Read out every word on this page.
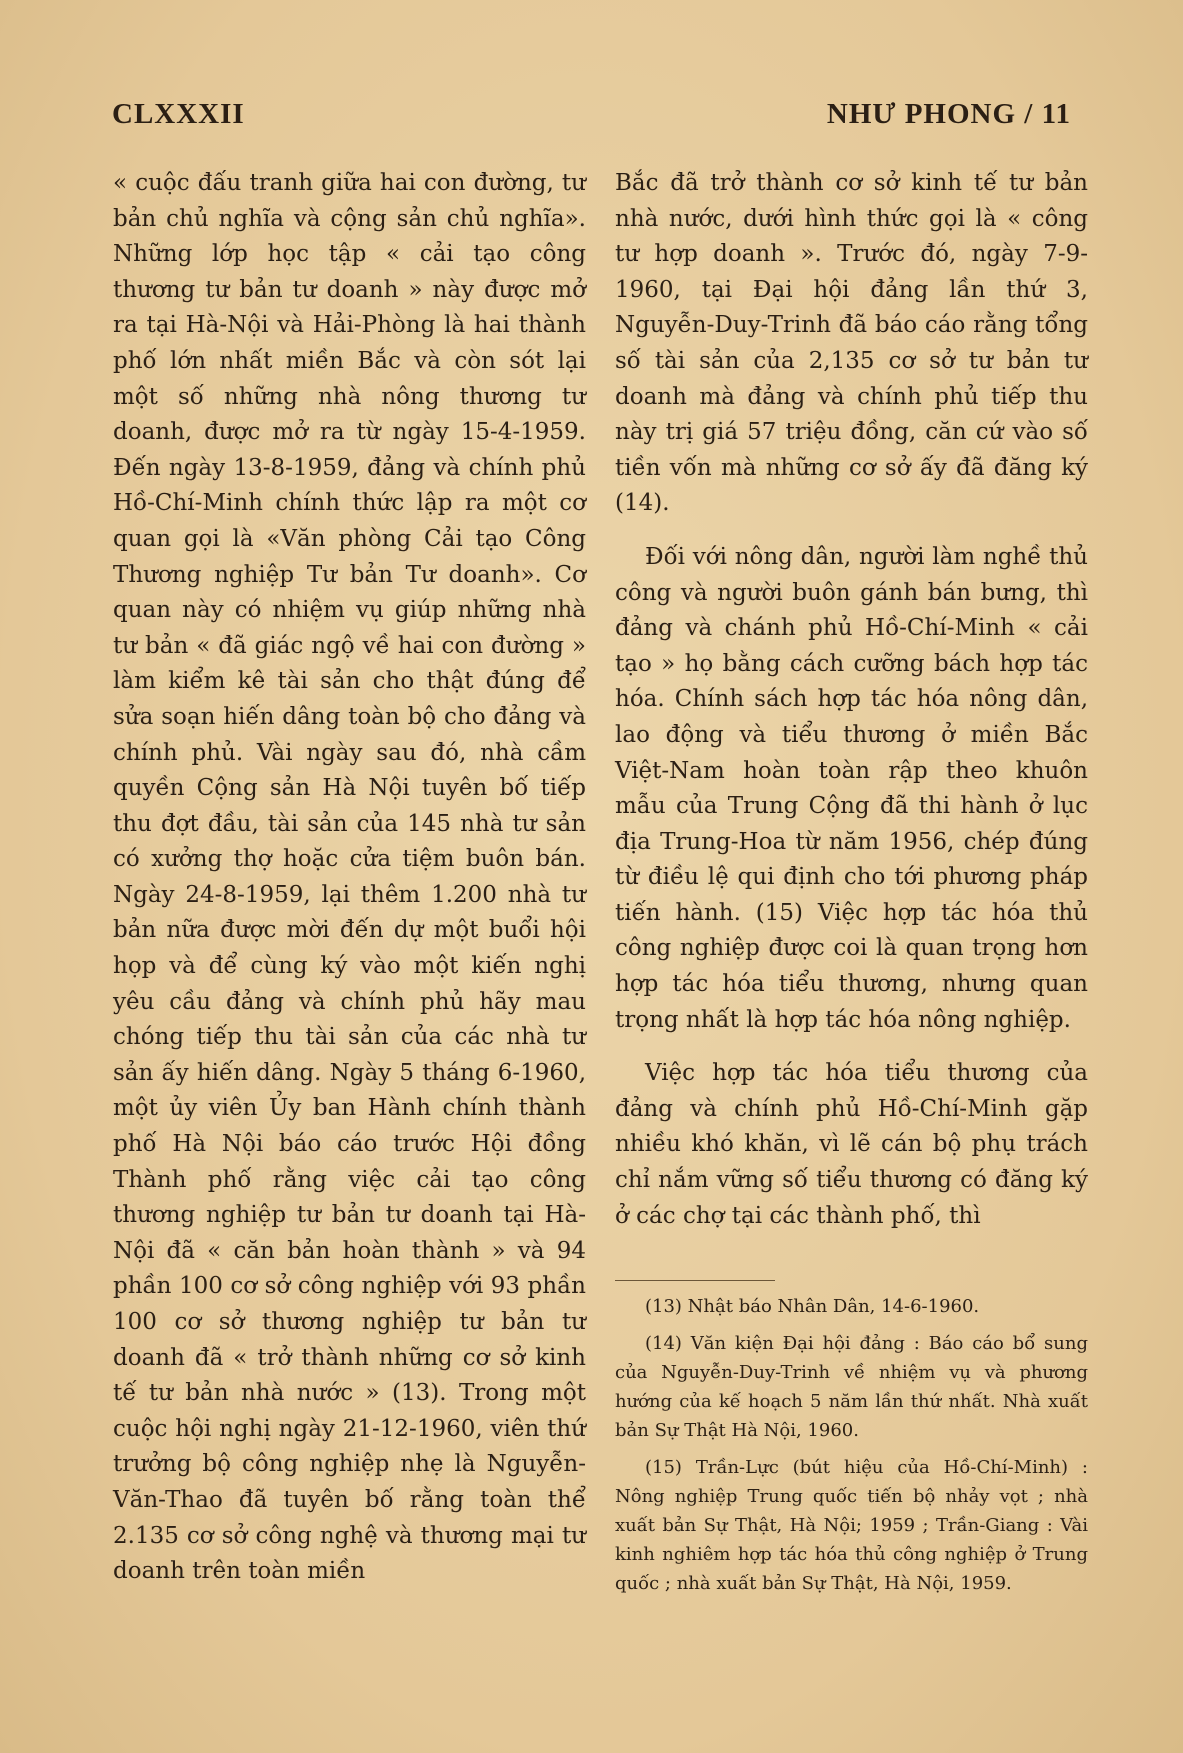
CLXXXII	NHƯ PHONG / 11

« cuộc đấu tranh giữa hai con đường, tư bản chủ nghĩa và cộng sản chủ nghĩa». Những lớp học tập « cải tạo công thương tư bản tư doanh » này được mở ra tại Hà-Nội và Hải-Phòng là hai thành phố lớn nhất miền Bắc và còn sót lại một số những nhà nông thương tư doanh, được mở ra từ ngày 15-4-1959. Đến ngày 13-8-1959, đảng và chính phủ Hồ-Chí-Minh chính thức lập ra một cơ quan gọi là «Văn phòng Cải tạo Công Thương nghiệp Tư bản Tư doanh». Cơ quan này có nhiệm vụ giúp những nhà tư bản « đã giác ngộ về hai con đường » làm kiểm kê tài sản cho thật đúng để sửa soạn hiến dâng toàn bộ cho đảng và chính phủ. Vài ngày sau đó, nhà cầm quyền Cộng sản Hà Nội tuyên bố tiếp thu đợt đầu, tài sản của 145 nhà tư sản có xưởng thợ hoặc cửa tiệm buôn bán. Ngày 24-8-1959, lại thêm 1.200 nhà tư bản nữa được mời đến dự một buổi hội họp và để cùng ký vào một kiến nghị yêu cầu đảng và chính phủ hãy mau chóng tiếp thu tài sản của các nhà tư sản ấy hiến dâng. Ngày 5 tháng 6-1960, một ủy viên Ủy ban Hành chính thành phố Hà Nội báo cáo trước Hội đồng Thành phố rằng việc cải tạo công thương nghiệp tư bản tư doanh tại Hà-Nội đã « căn bản hoàn thành » và 94 phần 100 cơ sở công nghiệp với 93 phần 100 cơ sở thương nghiệp tư bản tư doanh đã « trở thành những cơ sở kinh tế tư bản nhà nước » (13). Trong một cuộc hội nghị ngày 21-12-1960, viên thứ trưởng bộ công nghiệp nhẹ là Nguyễn-Văn-Thao đã tuyên bố rằng toàn thể 2.135 cơ sở công nghệ và thương mại tư doanh trên toàn miền

Bắc đã trở thành cơ sở kinh tế tư bản nhà nước, dưới hình thức gọi là « công tư hợp doanh ». Trước đó, ngày 7-9-1960, tại Đại hội đảng lần thứ 3, Nguyễn-Duy-Trinh đã báo cáo rằng tổng số tài sản của 2,135 cơ sở tư bản tư doanh mà đảng và chính phủ tiếp thu này trị giá 57 triệu đồng, căn cứ vào số tiền vốn mà những cơ sở ấy đã đăng ký (14).

Đối với nông dân, người làm nghề thủ công và người buôn gánh bán bưng, thì đảng và chánh phủ Hồ-Chí-Minh « cải tạo » họ bằng cách cưỡng bách hợp tác hóa. Chính sách hợp tác hóa nông dân, lao động và tiểu thương ở miền Bắc Việt-Nam hoàn toàn rập theo khuôn mẫu của Trung Cộng đã thi hành ở lục địa Trung-Hoa từ năm 1956, chép đúng từ điều lệ qui định cho tới phương pháp tiến hành. (15) Việc hợp tác hóa thủ công nghiệp được coi là quan trọng hơn hợp tác hóa tiểu thương, nhưng quan trọng nhất là hợp tác hóa nông nghiệp.

Việc hợp tác hóa tiểu thương của đảng và chính phủ Hồ-Chí-Minh gặp nhiều khó khăn, vì lẽ cán bộ phụ trách chỉ nắm vững số tiểu thương có đăng ký ở các chợ tại các thành phố, thì

(13) Nhật báo Nhân Dân, 14-6-1960.

(14) Văn kiện Đại hội đảng : Báo cáo bổ sung của Nguyễn-Duy-Trinh về nhiệm vụ và phương hướng của kế hoạch 5 năm lần thứ nhất. Nhà xuất bản Sự Thật Hà Nội, 1960.

(15) Trần-Lực (bút hiệu của Hồ-Chí-Minh) : Nông nghiệp Trung quốc tiến bộ nhảy vọt ; nhà xuất bản Sự Thật, Hà Nội; 1959 ; Trần-Giang : Vài kinh nghiêm hợp tác hóa thủ công nghiệp ở Trung quốc ; nhà xuất bản Sự Thật, Hà Nội, 1959.
